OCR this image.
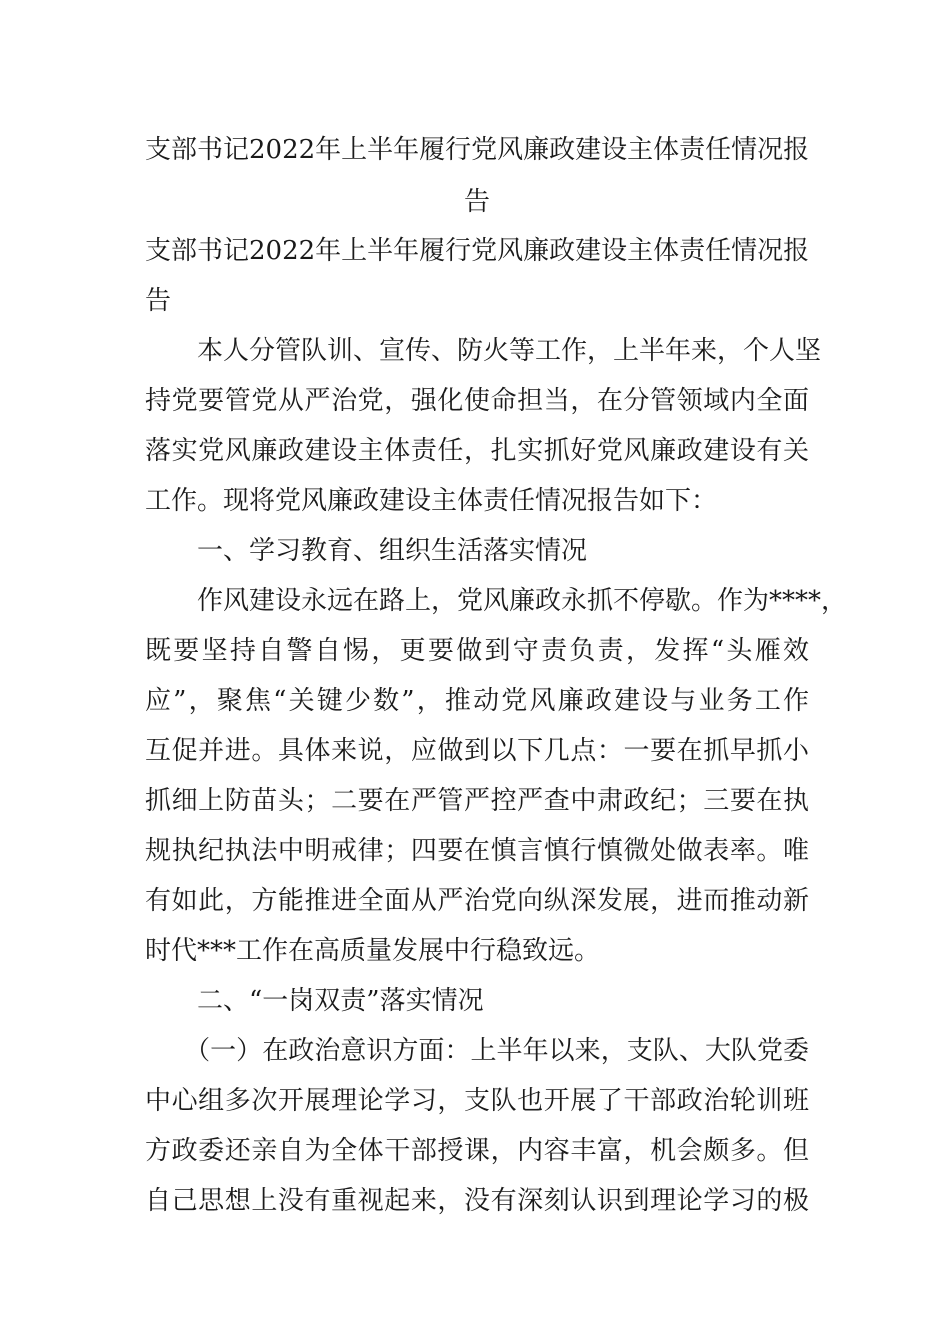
支部书记2022年上半年履行党风廉政建设主体责任情况报
告
支部书记2022年上半年履行党风廉政建设主体责任情况报
告
　　本人分管队训、宣传、防火等工作，上半年来，个人坚
持党要管党从严治党，强化使命担当，在分管领域内全面
落实党风廉政建设主体责任，扎实抓好党风廉政建设有关
工作。现将党风廉政建设主体责任情况报告如下：
　　一、学习教育、组织生活落实情况
　　作风建设永远在路上，党风廉政永抓不停歇。作为****，
既要坚持自警自惕，更要做到守责负责，发挥“头雁效
应”，聚焦“关键少数”，推动党风廉政建设与业务工作
互促并进。具体来说，应做到以下几点：一要在抓早抓小
抓细上防苗头；二要在严管严控严查中肃政纪；三要在执
规执纪执法中明戒律；四要在慎言慎行慎微处做表率。唯
有如此，方能推进全面从严治党向纵深发展，进而推动新
时代***工作在高质量发展中行稳致远。
　　二、“一岗双责”落实情况
　　（一）在政治意识方面：上半年以来，支队、大队党委
中心组多次开展理论学习，支队也开展了干部政治轮训班
方政委还亲自为全体干部授课，内容丰富，机会颇多。但
自己思想上没有重视起来，没有深刻认识到理论学习的极
